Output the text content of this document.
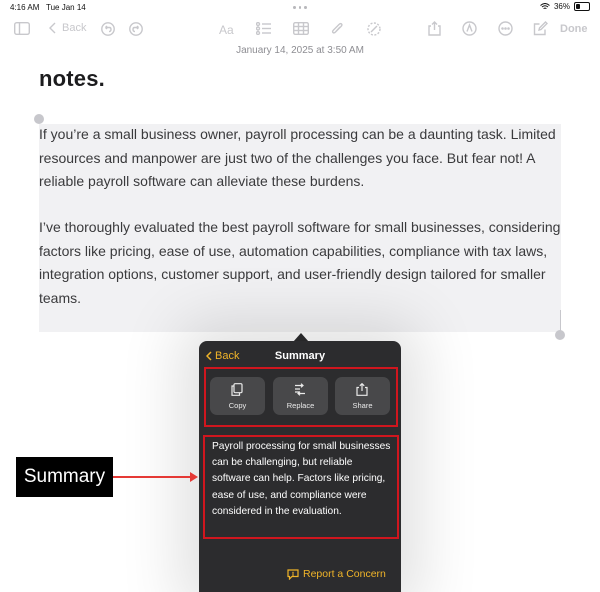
4:16 AM Tue Jan 14	36%
Back	Aa	Done
January 14, 2025 at 3:50 AM
notes.

If you’re a small business owner, payroll processing can be a daunting task. Limited resources and manpower are just two of the challenges you face. But fear not! A reliable payroll software can alleviate these burdens.

I’ve thoroughly evaluated the best payroll software for small businesses, considering factors like pricing, ease of use, automation capabilities, compliance with tax laws, integration options, customer support, and user-friendly design tailored for smaller teams.

Back	Summary
Copy	Replace	Share

Payroll processing for small businesses can be challenging, but reliable software can help. Factors like pricing, ease of use, and compliance were considered in the evaluation.

Report a Concern
Summary
